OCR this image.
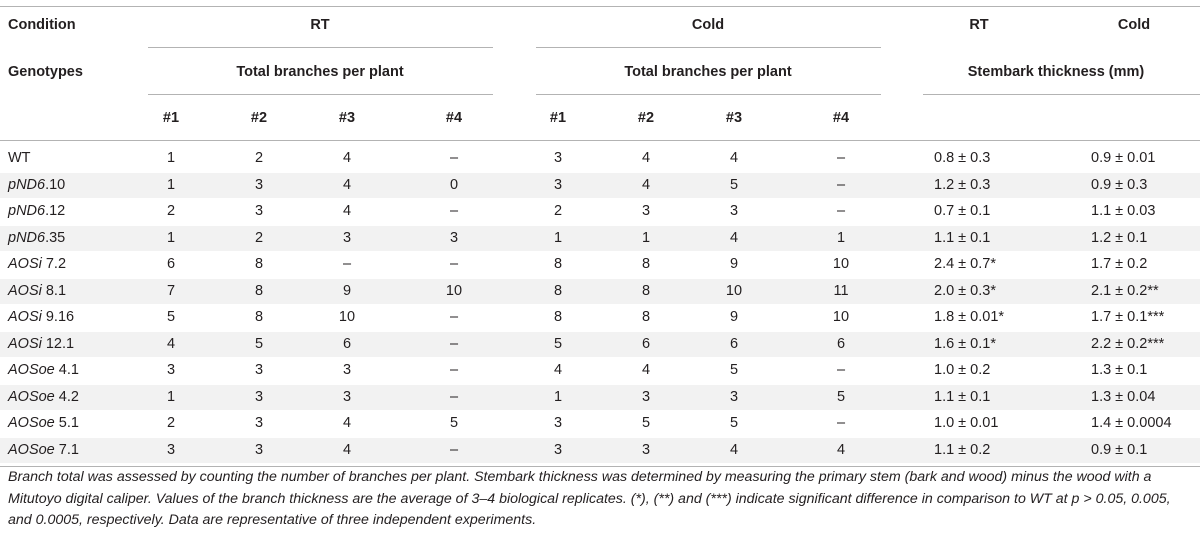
Condition	RT	Cold	RT	Cold
Genotypes	Total branches per plant	Total branches per plant	Stembark thickness (mm)
#1	#2	#3	#4	#1	#2	#3	#4
WT	1	2	4	–	3	4	4	–	0.8 ± 0.3	0.9 ± 0.01
pND6.10	1	3	4	0	3	4	5	–	1.2 ± 0.3	0.9 ± 0.3
pND6.12	2	3	4	–	2	3	3	–	0.7 ± 0.1	1.1 ± 0.03
pND6.35	1	2	3	3	1	1	4	1	1.1 ± 0.1	1.2 ± 0.1
AOSi 7.2	6	8	–	–	8	8	9	10	2.4 ± 0.7*	1.7 ± 0.2
AOSi 8.1	7	8	9	10	8	8	10	11	2.0 ± 0.3*	2.1 ± 0.2**
AOSi 9.16	5	8	10	–	8	8	9	10	1.8 ± 0.01*	1.7 ± 0.1***
AOSi 12.1	4	5	6	–	5	6	6	6	1.6 ± 0.1*	2.2 ± 0.2***
AOSoe 4.1	3	3	3	–	4	4	5	–	1.0 ± 0.2	1.3 ± 0.1
AOSoe 4.2	1	3	3	–	1	3	3	5	1.1 ± 0.1	1.3 ± 0.04
AOSoe 5.1	2	3	4	5	3	5	5	–	1.0 ± 0.01	1.4 ± 0.0004
AOSoe 7.1	3	3	4	–	3	3	4	4	1.1 ± 0.2	0.9 ± 0.1
Branch total was assessed by counting the number of branches per plant. Stembark thickness was determined by measuring the primary stem (bark and wood) minus the wood with a Mitutoyo digital caliper. Values of the branch thickness are the average of 3–4 biological replicates. (*), (**) and (***) indicate significant difference in comparison to WT at p > 0.05, 0.005, and 0.0005, respectively. Data are representative of three independent experiments.
